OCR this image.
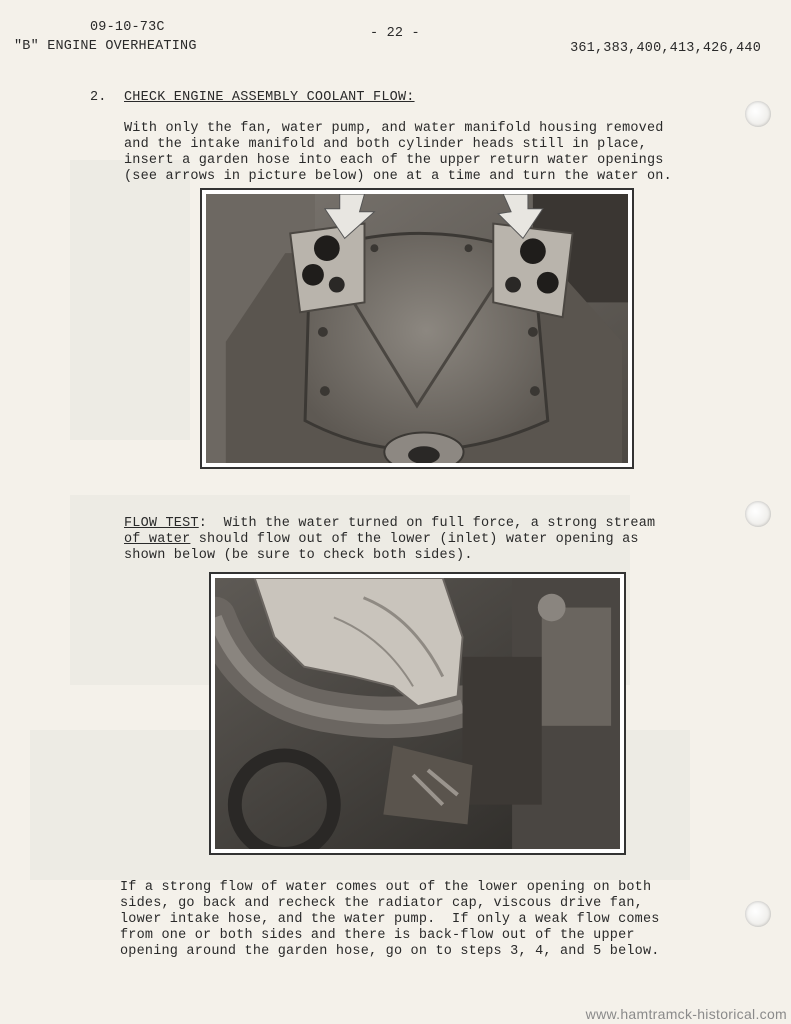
09-10-73C
"B" ENGINE OVERHEATING
- 22 -
361,383,400,413,426,440
2. CHECK ENGINE ASSEMBLY COOLANT FLOW:
With only the fan, water pump, and water manifold housing removed
and the intake manifold and both cylinder heads still in place,
insert a garden hose into each of the upper return water openings
(see arrows in picture below) one at a time and turn the water on.
FLOW TEST:  With the water turned on full force, a strong stream
of water should flow out of the lower (inlet) water opening as
shown below (be sure to check both sides).
If a strong flow of water comes out of the lower opening on both
sides, go back and recheck the radiator cap, viscous drive fan,
lower intake hose, and the water pump.  If only a weak flow comes
from one or both sides and there is back-flow out of the upper
opening around the garden hose, go on to steps 3, 4, and 5 below.
www.hamtramck-historical.com
